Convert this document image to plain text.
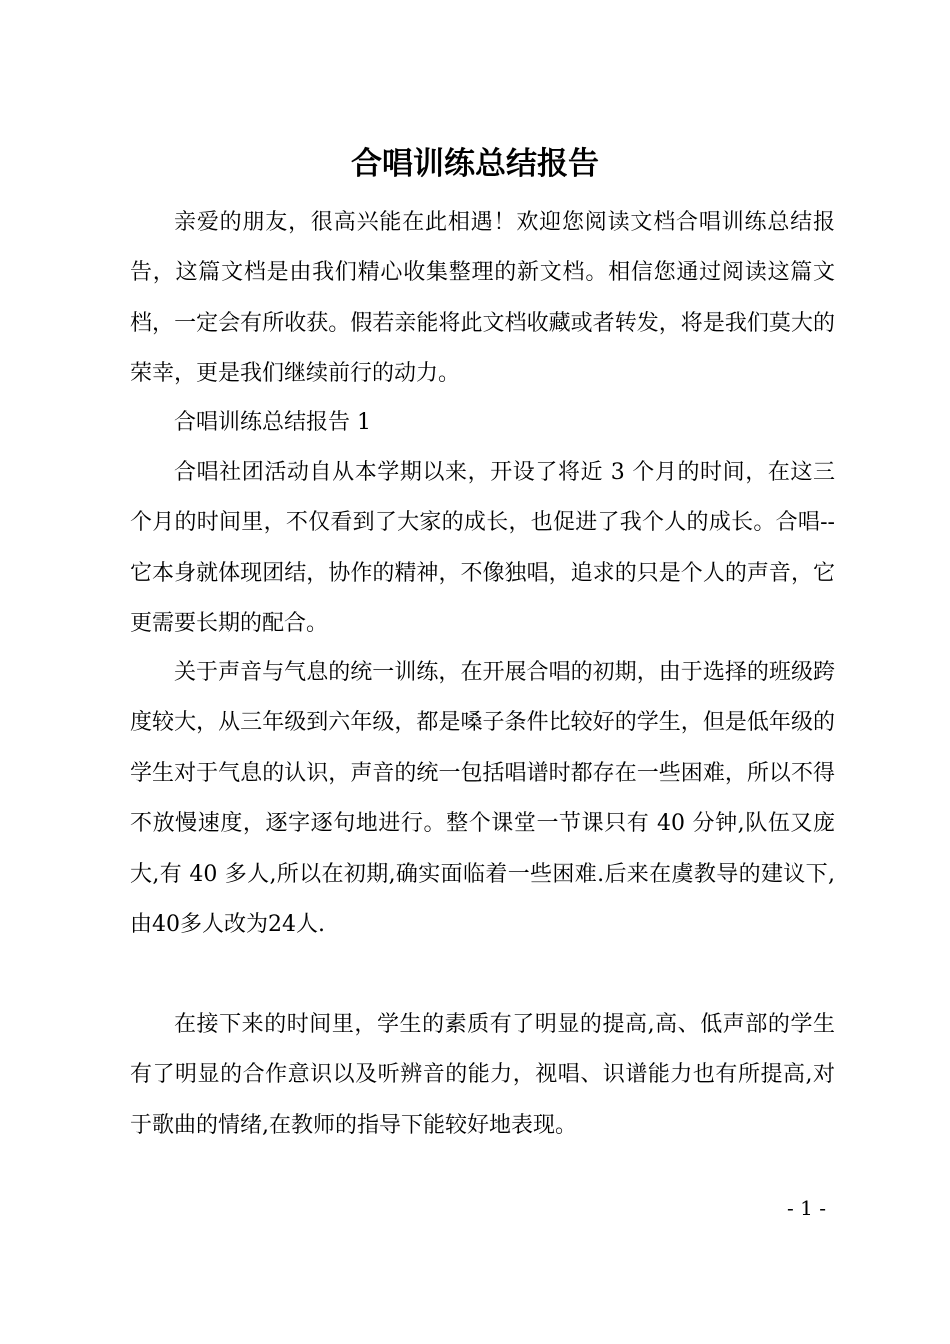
合唱训练总结报告

亲爱的朋友，很高兴能在此相遇！欢迎您阅读文档合唱训练总结报告，这篇文档是由我们精心收集整理的新文档。相信您通过阅读这篇文档，一定会有所收获。假若亲能将此文档收藏或者转发，将是我们莫大的荣幸，更是我们继续前行的动力。

合唱训练总结报告 1

合唱社团活动自从本学期以来，开设了将近 3 个月的时间，在这三个月的时间里，不仅看到了大家的成长，也促进了我个人的成长。合唱--它本身就体现团结，协作的精神，不像独唱，追求的只是个人的声音，它更需要长期的配合。

关于声音与气息的统一训练，在开展合唱的初期，由于选择的班级跨度较大，从三年级到六年级，都是嗓子条件比较好的学生，但是低年级的学生对于气息的认识，声音的统一包括唱谱时都存在一些困难，所以不得不放慢速度，逐字逐句地进行。整个课堂一节课只有 40 分钟,队伍又庞大,有 40 多人,所以在初期,确实面临着一些困难.后来在虞教导的建议下,由40多人改为24人.

在接下来的时间里，学生的素质有了明显的提高,高、低声部的学生有了明显的合作意识以及听辨音的能力，视唱、识谱能力也有所提高,对于歌曲的情绪,在教师的指导下能较好地表现。

- 1 -
